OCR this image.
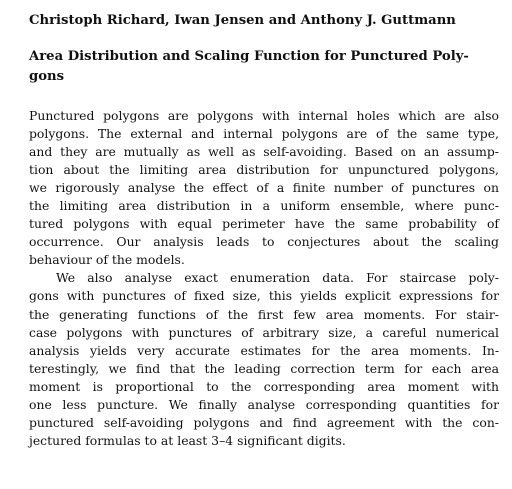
Christoph Richard, Iwan Jensen and Anthony J. Guttmann
Area Distribution and Scaling Function for Punctured Poly-
gons
Punctured polygons are polygons with internal holes which are also
polygons. The external and internal polygons are of the same type,
and they are mutually as well as self-avoiding. Based on an assump-
tion about the limiting area distribution for unpunctured polygons,
we rigorously analyse the effect of a finite number of punctures on
the limiting area distribution in a uniform ensemble, where punc-
tured polygons with equal perimeter have the same probability of
occurrence. Our analysis leads to conjectures about the scaling
behaviour of the models.
We also analyse exact enumeration data. For staircase poly-
gons with punctures of fixed size, this yields explicit expressions for
the generating functions of the first few area moments. For stair-
case polygons with punctures of arbitrary size, a careful numerical
analysis yields very accurate estimates for the area moments. In-
terestingly, we find that the leading correction term for each area
moment is proportional to the corresponding area moment with
one less puncture. We finally analyse corresponding quantities for
punctured self-avoiding polygons and find agreement with the con-
jectured formulas to at least 3–4 significant digits.
